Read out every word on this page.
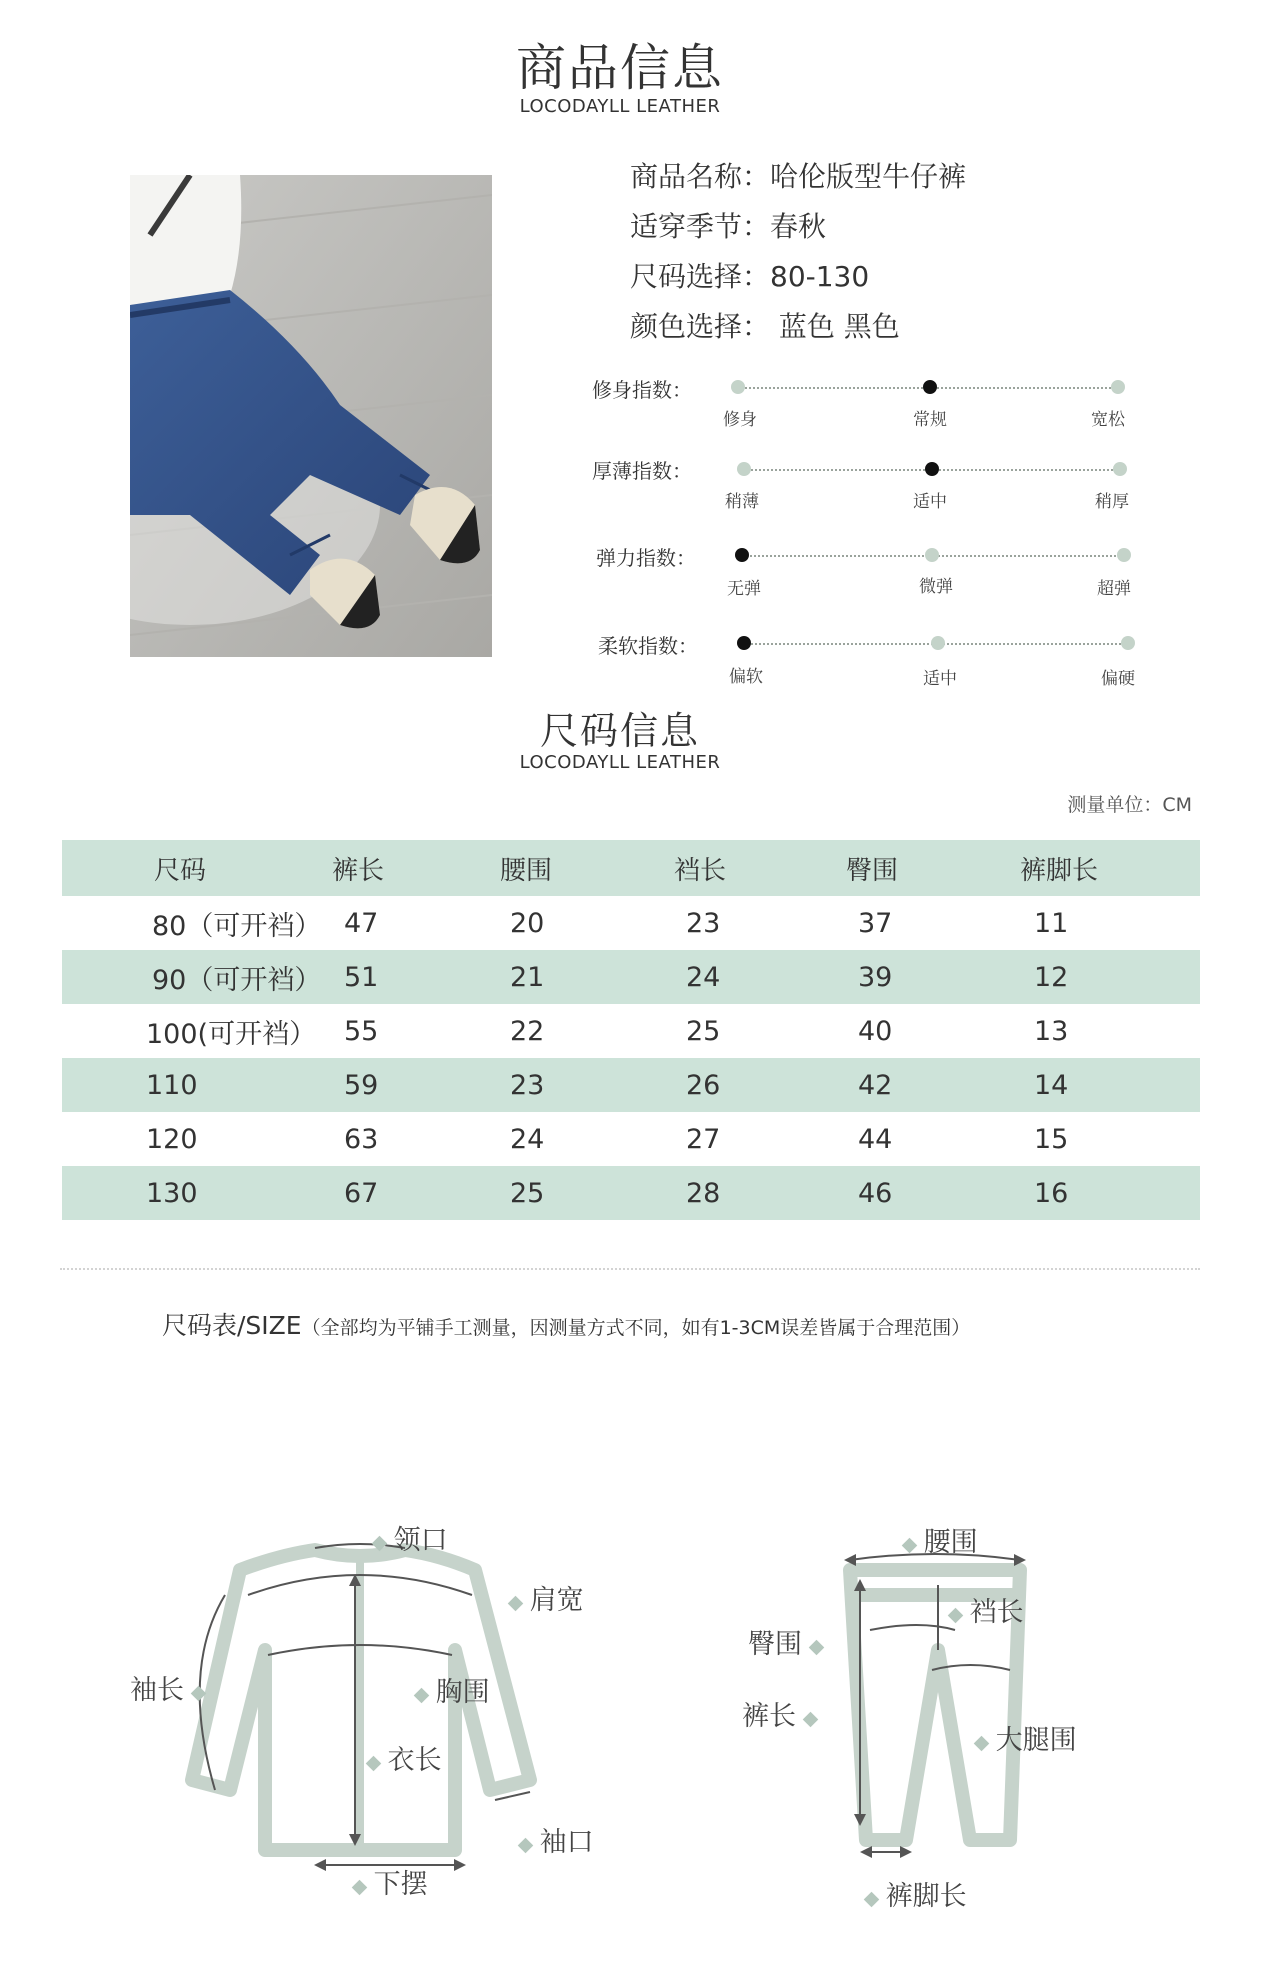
商品信息
LOCODAYLL LEATHER
商品名称：哈伦版型牛仔裤
适穿季节：春秋
尺码选择：80-130
颜色选择： 蓝色 黑色
修身指数：
修身	常规	宽松
厚薄指数：
稍薄	适中	稍厚
弹力指数：
无弹	微弹	超弹
柔软指数：
偏软	适中	偏硬
尺码信息
LOCODAYLL LEATHER
测量单位：CM
尺码	裤长	腰围	裆长	臀围	裤脚长
80（可开裆） 47	20	23	37	11
90（可开裆） 51	21	24	39	12
100(可开裆） 55	22	25	40	13
110	59	23	26	42	14
120	63	24	27	44	15
130	67	25	28	46	16
尺码表/SIZE（全部均为平铺手工测量，因测量方式不同，如有1-3CM误差皆属于合理范围）
领口
肩宽
袖长	胸围
衣长
袖口
下摆
腰围
臀围
裆长
裤长
大腿围
裤脚长
